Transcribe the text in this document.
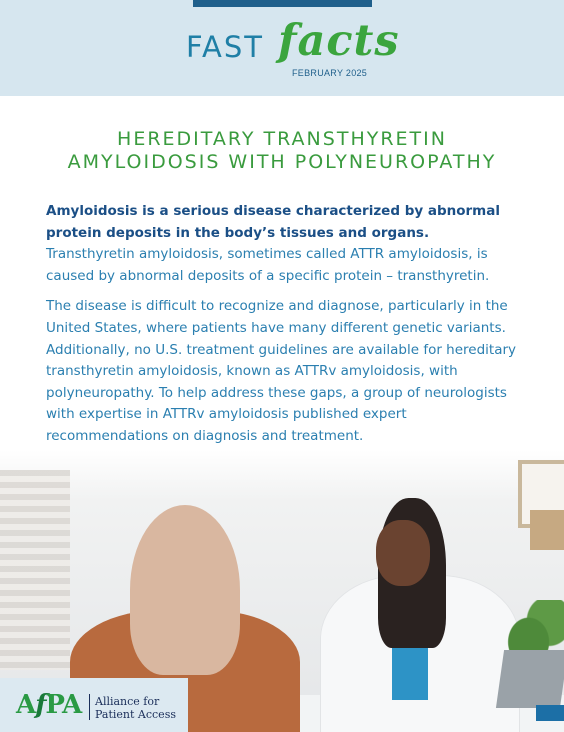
FAST facts
FEBRUARY 2025
HEREDITARY TRANSTHYRETIN
AMYLOIDOSIS WITH POLYNEUROPATHY

Amyloidosis is a serious disease characterized by abnormal protein deposits in the body’s tissues and organs. Transthyretin amyloidosis, sometimes called ATTR amyloidosis, is caused by abnormal deposits of a specific protein – transthyretin.

The disease is difficult to recognize and diagnose, particularly in the United States, where patients have many different genetic variants. Additionally, no U.S. treatment guidelines are available for hereditary transthyretin amyloidosis, known as ATTRv amyloidosis, with polyneuropathy. To help address these gaps, a group of neurologists with expertise in ATTRv amyloidosis published expert recommendations on diagnosis and treatment.

AfPA Alliance for
Patient Access
